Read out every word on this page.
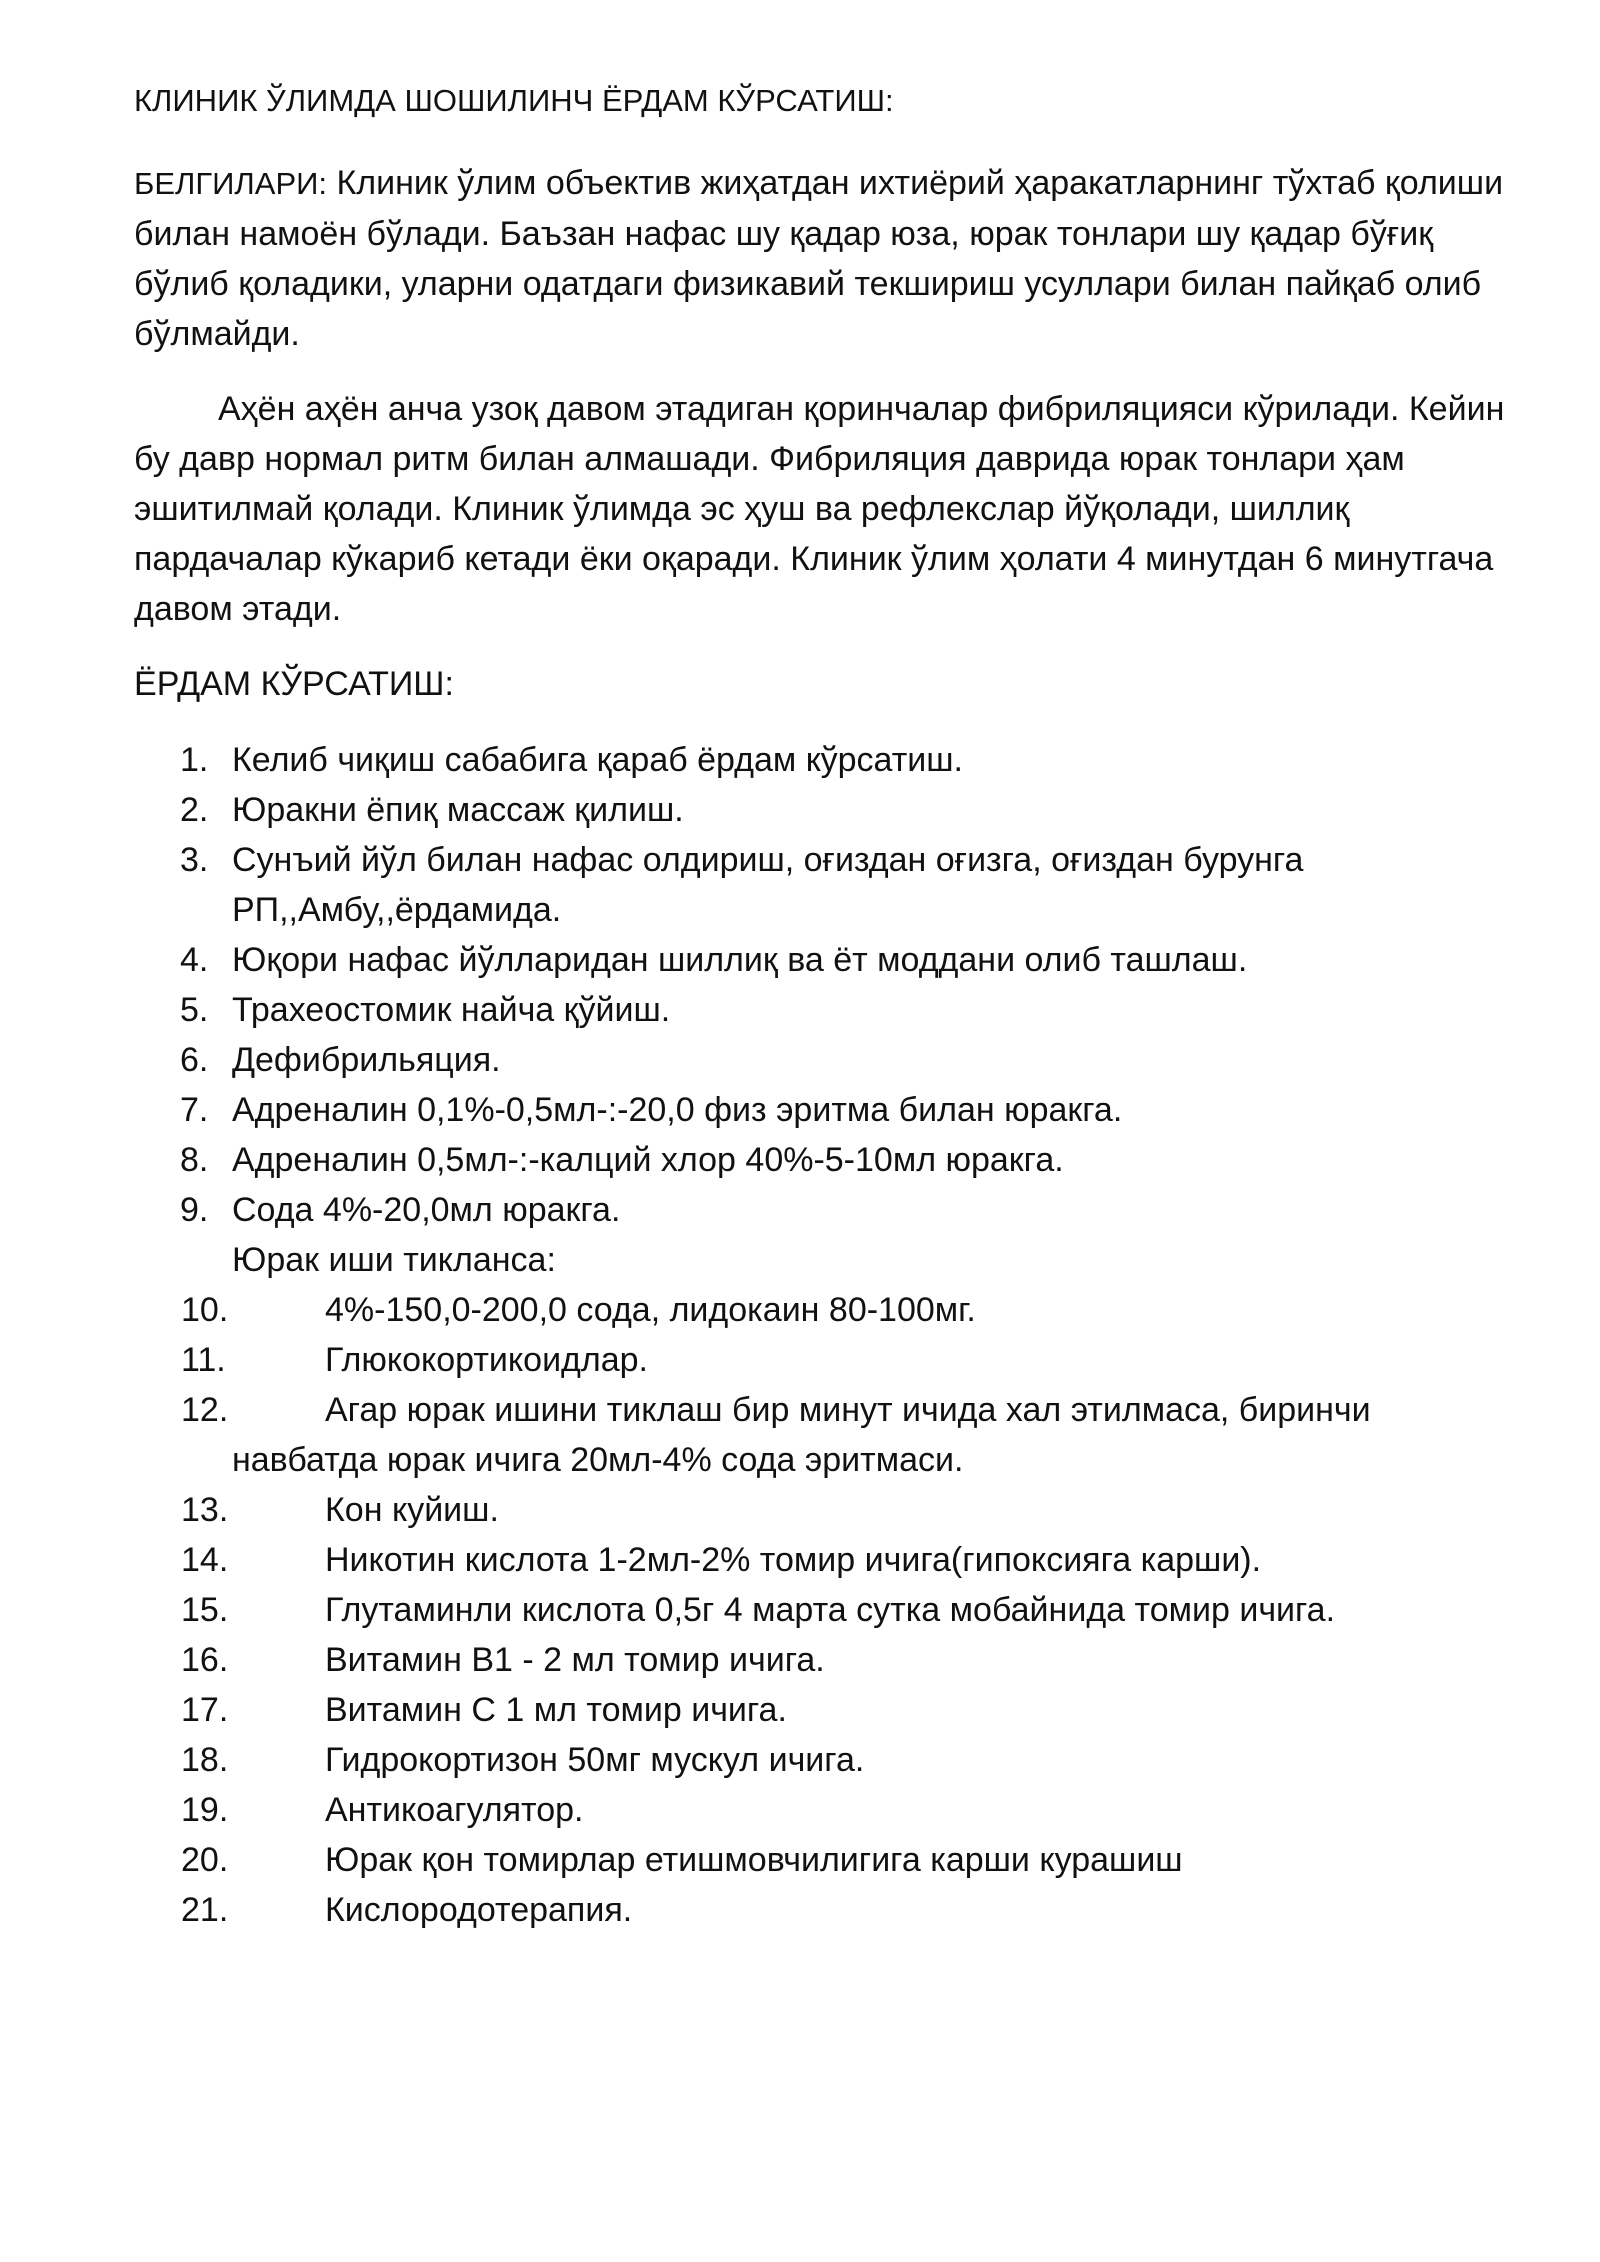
КЛИНИК ЎЛИМДА ШОШИЛИНЧ ЁРДАМ КЎРСАТИШ:
БЕЛГИЛАРИ: Клиник ўлим объектив жиҳатдан ихтиёрий ҳаракатларнинг тўхтаб қолиши билан намоён бўлади. Баъзан нафас шу қадар юза, юрак тонлари шу қадар бўғиқ бўлиб қоладики, уларни одатдаги физикавий текшириш усуллари билан пайқаб олиб бўлмайди.
Аҳён аҳён анча узоқ давом этадиган қоринчалар фибриляцияси кўрилади. Кейин бу давр нормал ритм билан алмашади. Фибриляция даврида юрак тонлари ҳам эшитилмай қолади. Клиник ўлимда эс ҳуш ва рефлекслар йўқолади, шиллиқ пардачалар кўкариб кетади ёки оқаради. Клиник ўлим ҳолати 4 минутдан 6 минутгача давом этади.
ЁРДАМ КЎРСАТИШ:
1. Келиб чиқиш сабабига қараб ёрдам кўрсатиш.
2. Юракни ёпиқ массаж қилиш.
3. Сунъий йўл билан нафас олдириш, оғиздан оғизга, оғиздан бурунга РП,,Амбу,,ёрдамида.
4. Юқори нафас йўлларидан шиллиқ ва ёт моддани олиб ташлаш.
5. Трахеостомик найча қўйиш.
6. Дефибрильяция.
7. Адреналин 0,1%-0,5мл-:-20,0 физ эритма билан юракга.
8. Адреналин 0,5мл-:-калций хлор 40%-5-10мл юракга.
9. Сода 4%-20,0мл юракга.
Юрак иши тикланса:
10.	4%-150,0-200,0 сода, лидокаин 80-100мг.
11.	Глюкокортикоидлар.
12.	Агар юрак ишини тиклаш бир минут ичида хал этилмаса, биринчи навбатда юрак ичига 20мл-4% сода эритмаси.
13.	Кон куйиш.
14.	Никотин кислота 1-2мл-2% томир ичига(гипоксияга карши).
15.	Глутаминли кислота 0,5г 4 марта сутка мобайнида томир ичига.
16.	Витамин В1 - 2 мл томир ичига.
17.	Витамин С 1 мл томир ичига.
18.	Гидрокортизон 50мг мускул ичига.
19.	Антикоагулятор.
20.	Юрак қон томирлар етишмовчилигига карши курашиш
21.	Кислородотерапия.
